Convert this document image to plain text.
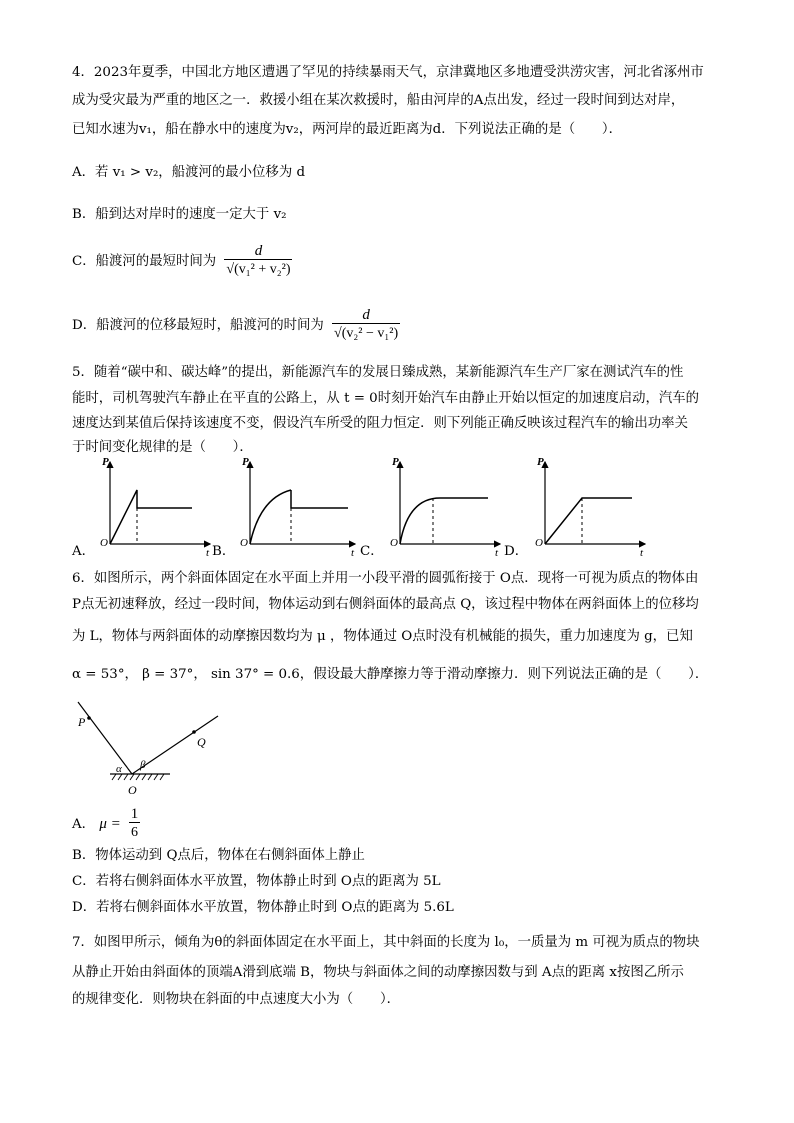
4．2023年夏季，中国北方地区遭遇了罕见的持续暴雨天气，京津冀地区多地遭受洪涝灾害，河北省涿州市
成为受灾最为严重的地区之一．救援小组在某次救援时，船由河岸的A点出发，经过一段时间到达对岸，
已知水速为v₁，船在静水中的速度为v₂，两河岸的最近距离为d．下列说法正确的是（　　）．
A．若 v₁ > v₂，船渡河的最小位移为 d
B．船到达对岸时的速度一定大于 v₂
C．船渡河的最短时间为 $\frac{d}{\text{√(v₁² + v₂²)}}$
D．船渡河的位移最短时，船渡河的时间为 $\frac{d}{\text{√(v₂² − v₁²)}}$
5．随着“碳中和、碳达峰”的提出，新能源汽车的发展日臻成熟，某新能源汽车生产厂家在测试汽车的性
能时，司机驾驶汽车静止在平直的公路上，从 t = 0时刻开始汽车由静止开始以恒定的加速度启动，汽车的
速度达到某值后保持该速度不变，假设汽车所受的阻力恒定．则下列能正确反映该过程汽车的输出功率关
于时间变化规律的是（　　）．
P
t
O
P
t
O
P
t
O
P
t
O
A．	B．	C．	D．
6．如图所示，两个斜面体固定在水平面上并用一小段平滑的圆弧衔接于 O点．现将一可视为质点的物体由
P点无初速释放，经过一段时间，物体运动到右侧斜面体的最高点 Q，该过程中物体在两斜面体上的位移均
为 L，物体与两斜面体的动摩擦因数均为 μ ，物体通过 O点时没有机械能的损失，重力加速度为 g，已知
α = 53°， β = 37°， sin 37° = 0.6，假设最大静摩擦力等于滑动摩擦力．则下列说法正确的是（　　）．
P
Q
O
α β
A． $\mu = \frac{1}{6}$
B．物体运动到 Q点后，物体在右侧斜面体上静止
C．若将右侧斜面体水平放置，物体静止时到 O点的距离为 5L
D．若将右侧斜面体水平放置，物体静止时到 O点的距离为 5.6L
7．如图甲所示，倾角为θ的斜面体固定在水平面上，其中斜面的长度为 l₀，一质量为 m 可视为质点的物块
从静止开始由斜面体的顶端A滑到底端 B，物块与斜面体之间的动摩擦因数与到 A点的距离 x按图乙所示
的规律变化．则物块在斜面的中点速度大小为（　　）．
